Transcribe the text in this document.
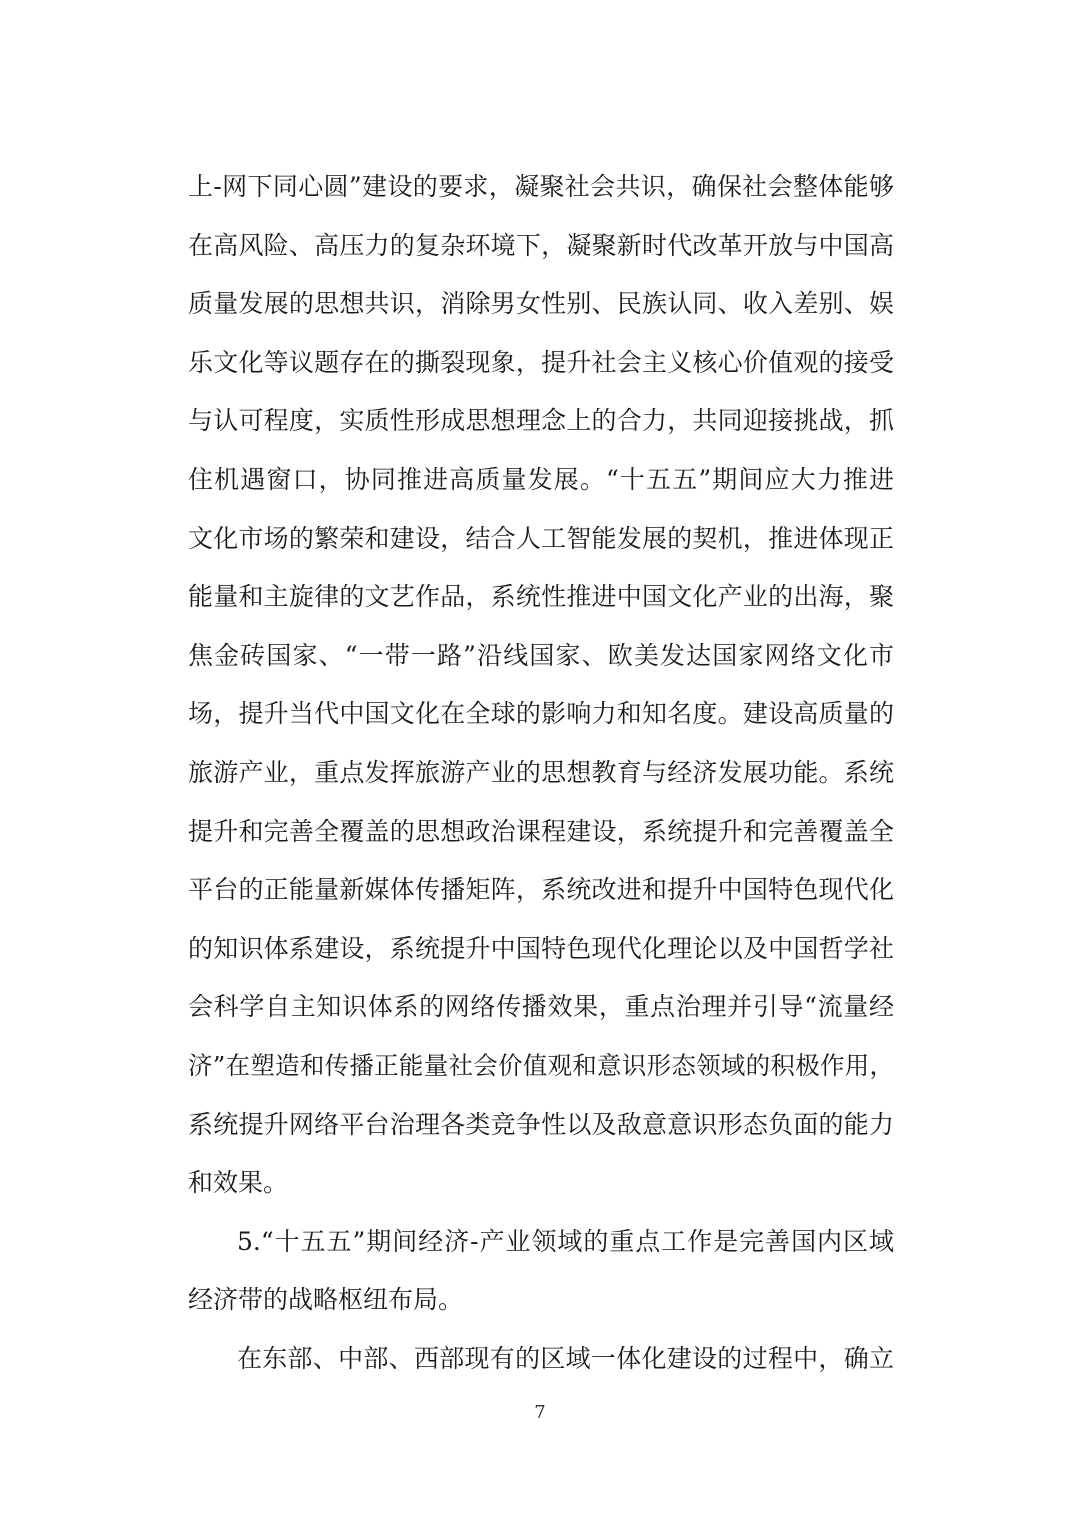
上-网下同心圆”建设的要求，凝聚社会共识，确保社会整体能够
在高风险、高压力的复杂环境下，凝聚新时代改革开放与中国高
质量发展的思想共识，消除男女性别、民族认同、收入差别、娱
乐文化等议题存在的撕裂现象，提升社会主义核心价值观的接受
与认可程度，实质性形成思想理念上的合力，共同迎接挑战，抓
住机遇窗口，协同推进高质量发展。“十五五”期间应大力推进
文化市场的繁荣和建设，结合人工智能发展的契机，推进体现正
能量和主旋律的文艺作品，系统性推进中国文化产业的出海，聚
焦金砖国家、“一带一路”沿线国家、欧美发达国家网络文化市
场，提升当代中国文化在全球的影响力和知名度。建设高质量的
旅游产业，重点发挥旅游产业的思想教育与经济发展功能。系统
提升和完善全覆盖的思想政治课程建设，系统提升和完善覆盖全
平台的正能量新媒体传播矩阵，系统改进和提升中国特色现代化
的知识体系建设，系统提升中国特色现代化理论以及中国哲学社
会科学自主知识体系的网络传播效果，重点治理并引导“流量经
济”在塑造和传播正能量社会价值观和意识形态领域的积极作用，
系统提升网络平台治理各类竞争性以及敌意意识形态负面的能力
和效果。
5.“十五五”期间经济-产业领域的重点工作是完善国内区域
经济带的战略枢纽布局。
在东部、中部、西部现有的区域一体化建设的过程中，确立
7
